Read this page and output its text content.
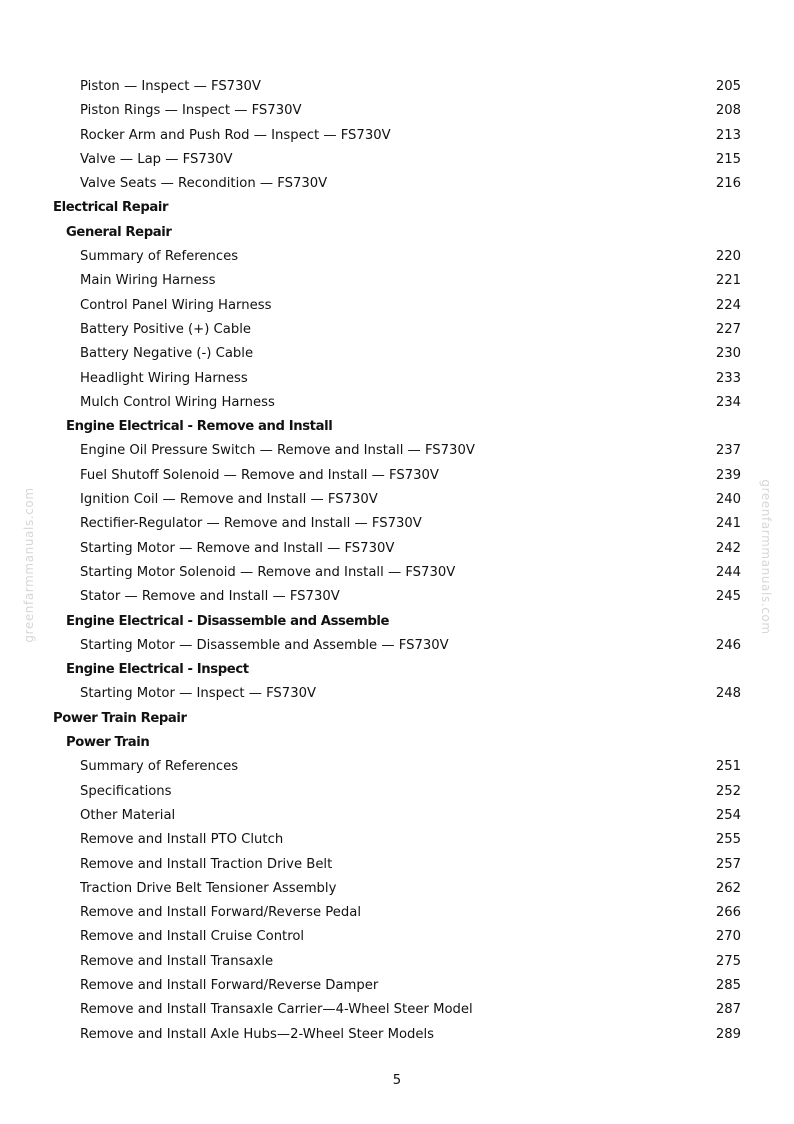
Piston — Inspect — FS730V	205
Piston Rings — Inspect — FS730V	208
Rocker Arm and Push Rod — Inspect — FS730V	213
Valve — Lap — FS730V	215
Valve Seats — Recondition — FS730V	216
Electrical Repair
General Repair
Summary of References	220
Main Wiring Harness	221
Control Panel Wiring Harness	224
Battery Positive (+) Cable	227
Battery Negative (-) Cable	230
Headlight Wiring Harness	233
Mulch Control Wiring Harness	234
Engine Electrical - Remove and Install
Engine Oil Pressure Switch — Remove and Install — FS730V	237
Fuel Shutoff Solenoid — Remove and Install — FS730V	239
Ignition Coil — Remove and Install — FS730V	240
Rectifier-Regulator — Remove and Install — FS730V	241
Starting Motor — Remove and Install — FS730V	242
Starting Motor Solenoid — Remove and Install — FS730V	244
Stator — Remove and Install — FS730V	245
Engine Electrical - Disassemble and Assemble
Starting Motor — Disassemble and Assemble — FS730V	246
Engine Electrical - Inspect
Starting Motor — Inspect — FS730V	248
Power Train Repair
Power Train
Summary of References	251
Specifications	252
Other Material	254
Remove and Install PTO Clutch	255
Remove and Install Traction Drive Belt	257
Traction Drive Belt Tensioner Assembly	262
Remove and Install Forward/Reverse Pedal	266
Remove and Install Cruise Control	270
Remove and Install Transaxle	275
Remove and Install Forward/Reverse Damper	285
Remove and Install Transaxle Carrier—4-Wheel Steer Model	287
Remove and Install Axle Hubs—2-Wheel Steer Models	289
greenfarmmanuals.com	greenfarmmanuals.com
5
